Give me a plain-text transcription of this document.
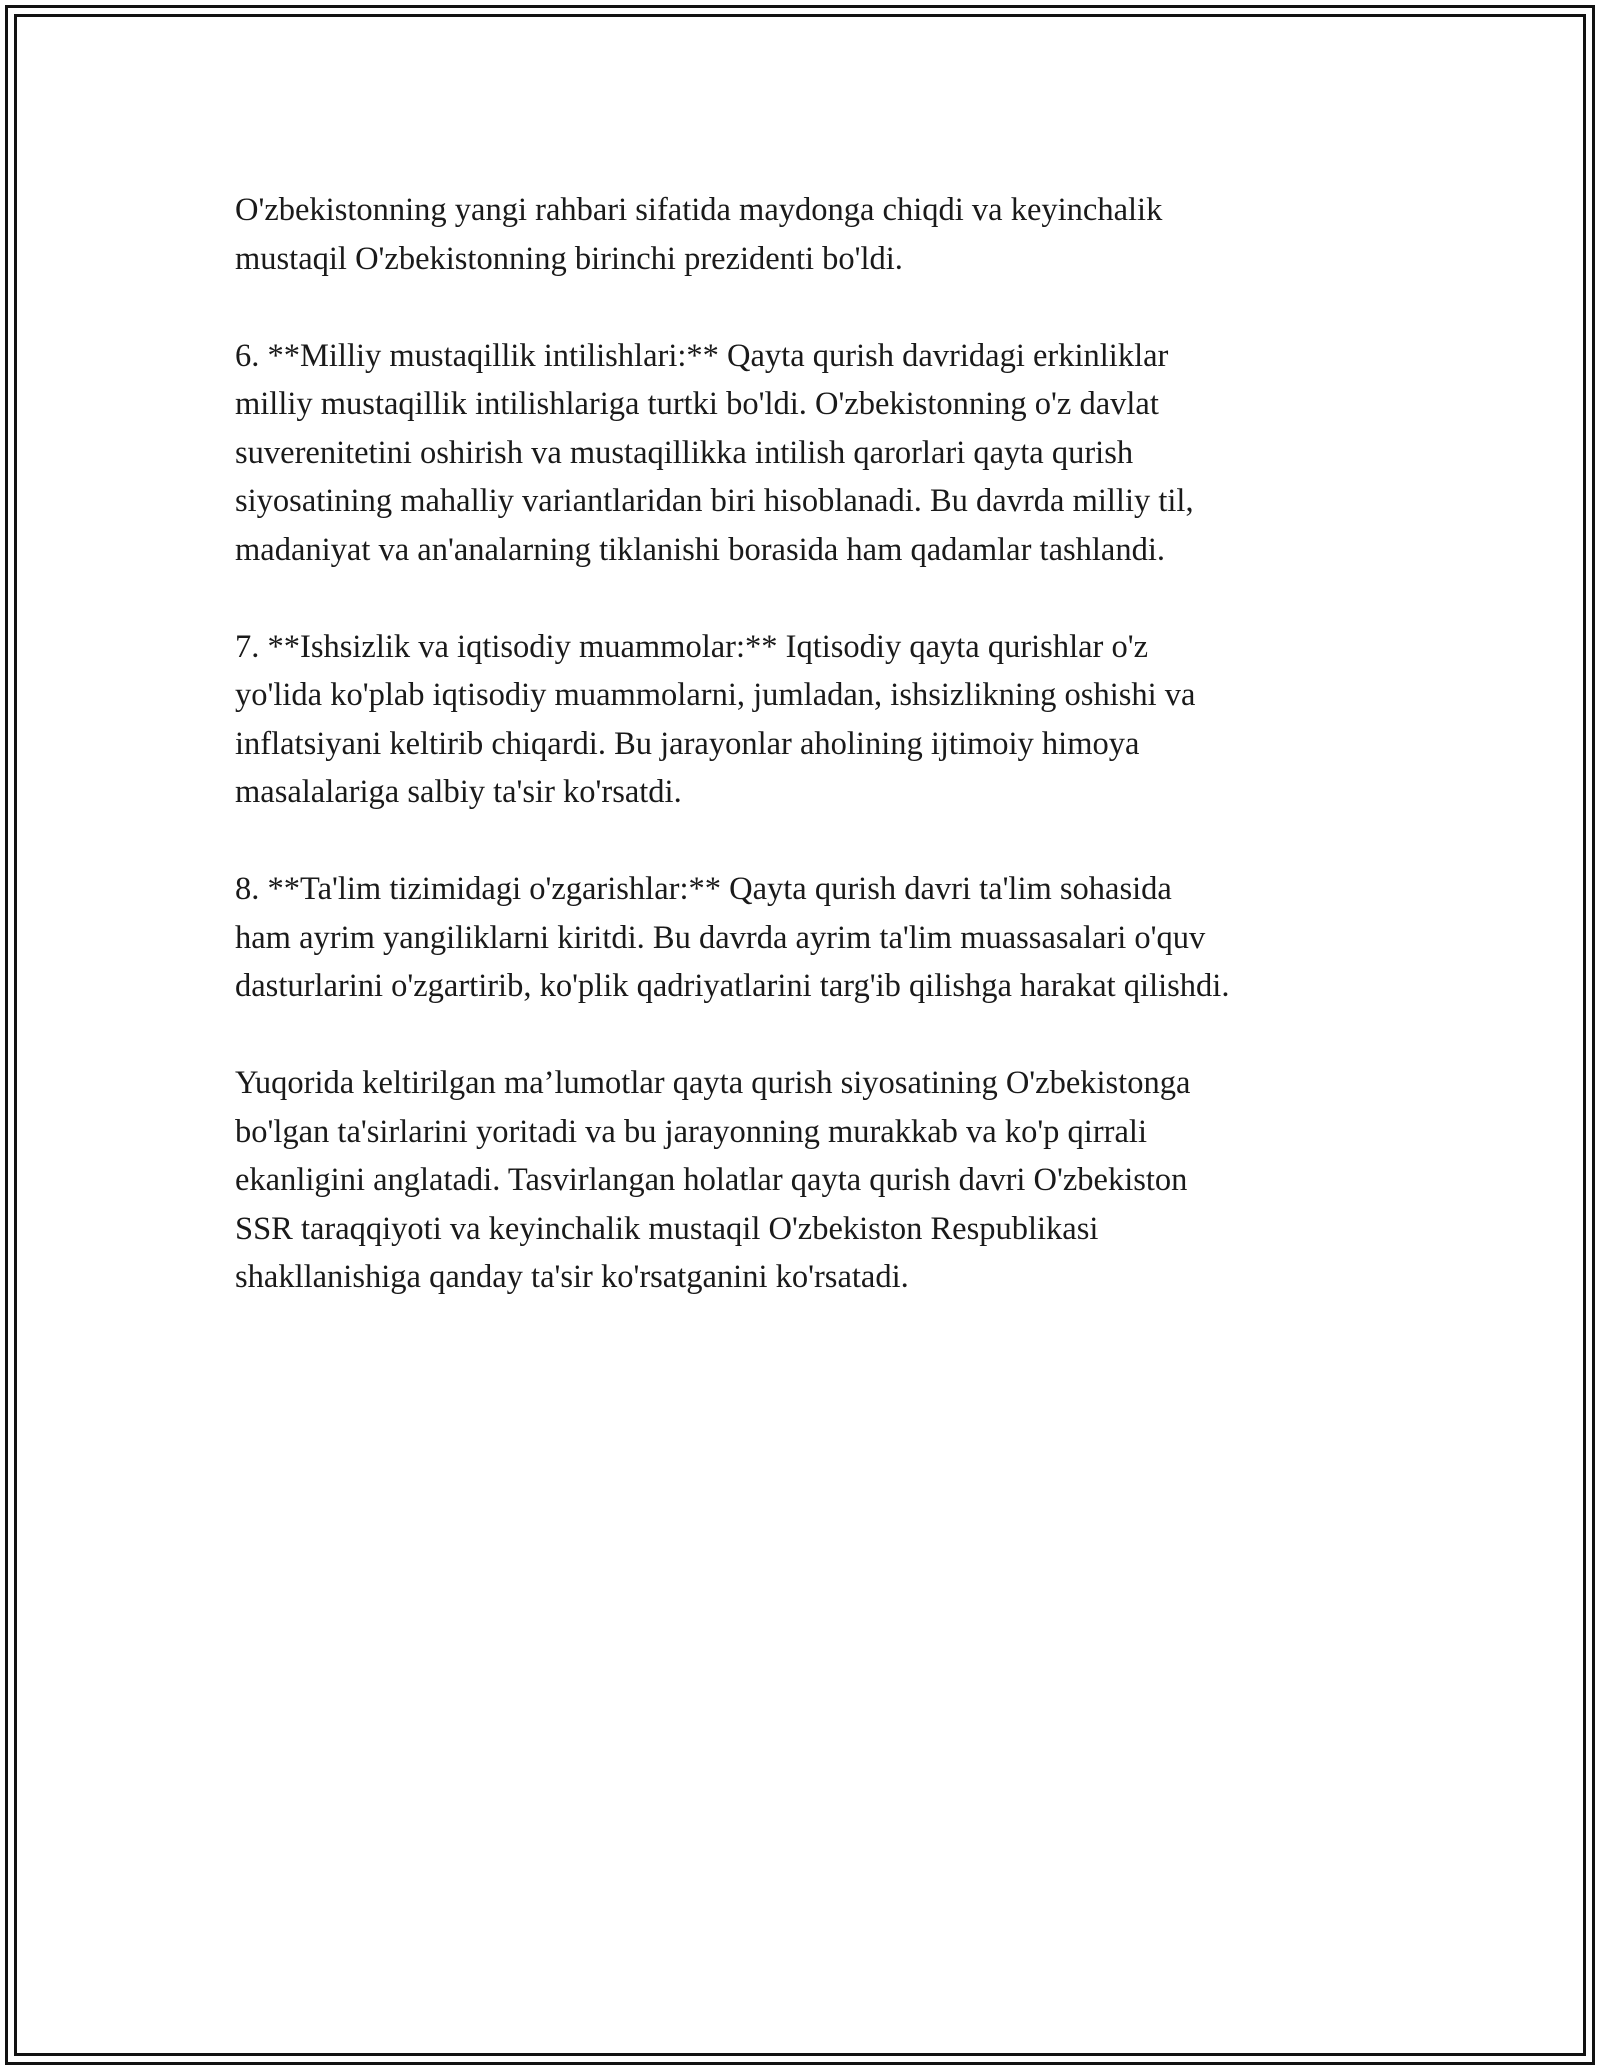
O'zbekistonning yangi rahbari sifatida maydonga chiqdi va keyinchalik
mustaqil O'zbekistonning birinchi prezidenti bo'ldi.

6. **Milliy mustaqillik intilishlari:** Qayta qurish davridagi erkinliklar
milliy mustaqillik intilishlariga turtki bo'ldi. O'zbekistonning o'z davlat
suverenitetini oshirish va mustaqillikka intilish qarorlari qayta qurish
siyosatining mahalliy variantlaridan biri hisoblanadi. Bu davrda milliy til,
madaniyat va an'analarning tiklanishi borasida ham qadamlar tashlandi.

7. **Ishsizlik va iqtisodiy muammolar:** Iqtisodiy qayta qurishlar o'z
yo'lida ko'plab iqtisodiy muammolarni, jumladan, ishsizlikning oshishi va
inflatsiyani keltirib chiqardi. Bu jarayonlar aholining ijtimoiy himoya
masalalariga salbiy ta'sir ko'rsatdi.

8. **Ta'lim tizimidagi o'zgarishlar:** Qayta qurish davri ta'lim sohasida
ham ayrim yangiliklarni kiritdi. Bu davrda ayrim ta'lim muassasalari o'quv
dasturlarini o'zgartirib, ko'plik qadriyatlarini targ'ib qilishga harakat qilishdi.

Yuqorida keltirilgan ma’lumotlar qayta qurish siyosatining O'zbekistonga
bo'lgan ta'sirlarini yoritadi va bu jarayonning murakkab va ko'p qirrali
ekanligini anglatadi. Tasvirlangan holatlar qayta qurish davri O'zbekiston
SSR taraqqiyoti va keyinchalik mustaqil O'zbekiston Respublikasi
shakllanishiga qanday ta'sir ko'rsatganini ko'rsatadi.
